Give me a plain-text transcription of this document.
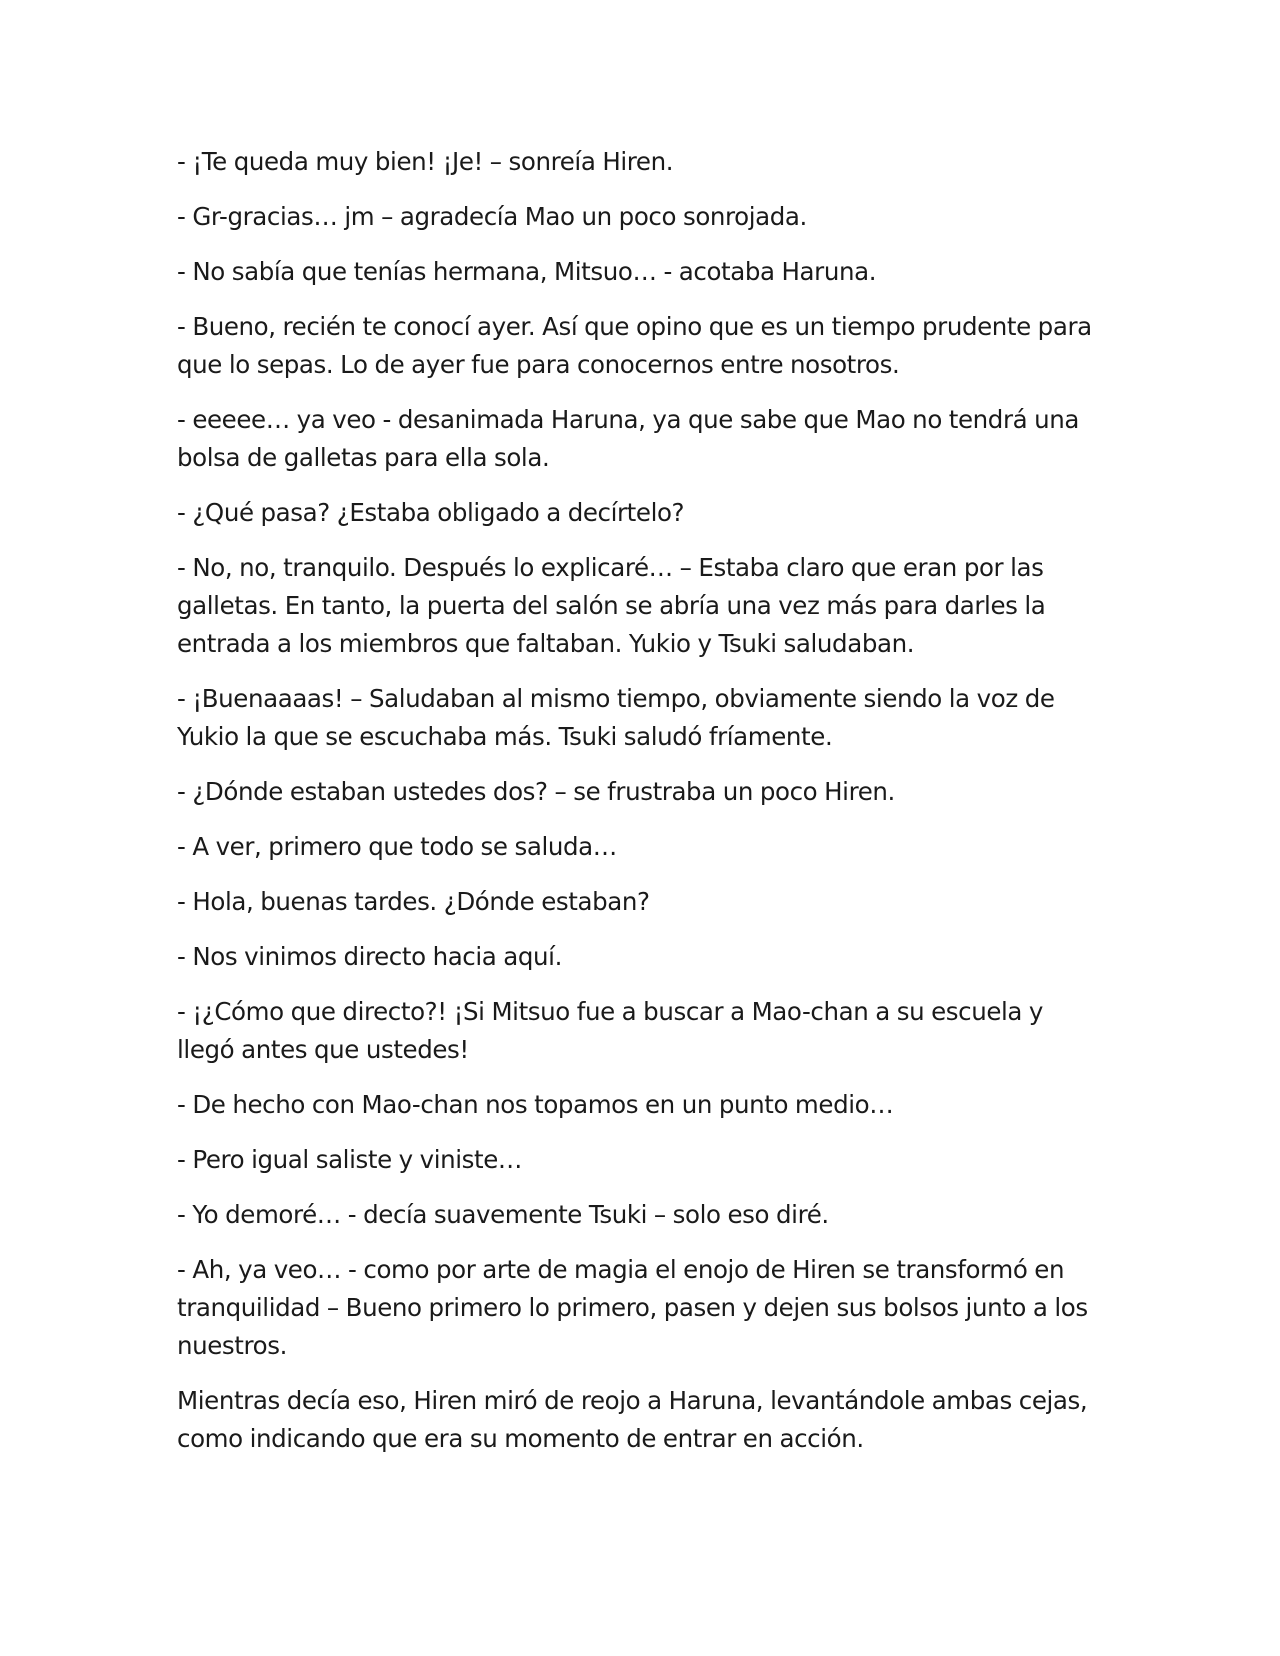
- ¡Te queda muy bien! ¡Je! – sonreía Hiren.

- Gr-gracias… jm – agradecía Mao un poco sonrojada.

- No sabía que tenías hermana, Mitsuo… - acotaba Haruna.

- Bueno, recién te conocí ayer. Así que opino que es un tiempo prudente para que lo sepas. Lo de ayer fue para conocernos entre nosotros.

- eeeee… ya veo - desanimada Haruna, ya que sabe que Mao no tendrá una bolsa de galletas para ella sola.

- ¿Qué pasa? ¿Estaba obligado a decírtelo?

- No, no, tranquilo. Después lo explicaré… – Estaba claro que eran por las galletas. En tanto, la puerta del salón se abría una vez más para darles la entrada a los miembros que faltaban. Yukio y Tsuki saludaban.

- ¡Buenaaaas! – Saludaban al mismo tiempo, obviamente siendo la voz de Yukio la que se escuchaba más. Tsuki saludó fríamente.

- ¿Dónde estaban ustedes dos? – se frustraba un poco Hiren.

- A ver, primero que todo se saluda…

- Hola, buenas tardes. ¿Dónde estaban?

- Nos vinimos directo hacia aquí.

- ¡¿Cómo que directo?! ¡Si Mitsuo fue a buscar a Mao-chan a su escuela y llegó antes que ustedes!

- De hecho con Mao-chan nos topamos en un punto medio…

- Pero igual saliste y viniste…

- Yo demoré… - decía suavemente Tsuki – solo eso diré.

- Ah, ya veo… - como por arte de magia el enojo de Hiren se transformó en tranquilidad – Bueno primero lo primero, pasen y dejen sus bolsos junto a los nuestros.

Mientras decía eso, Hiren miró de reojo a Haruna, levantándole ambas cejas, como indicando que era su momento de entrar en acción.
